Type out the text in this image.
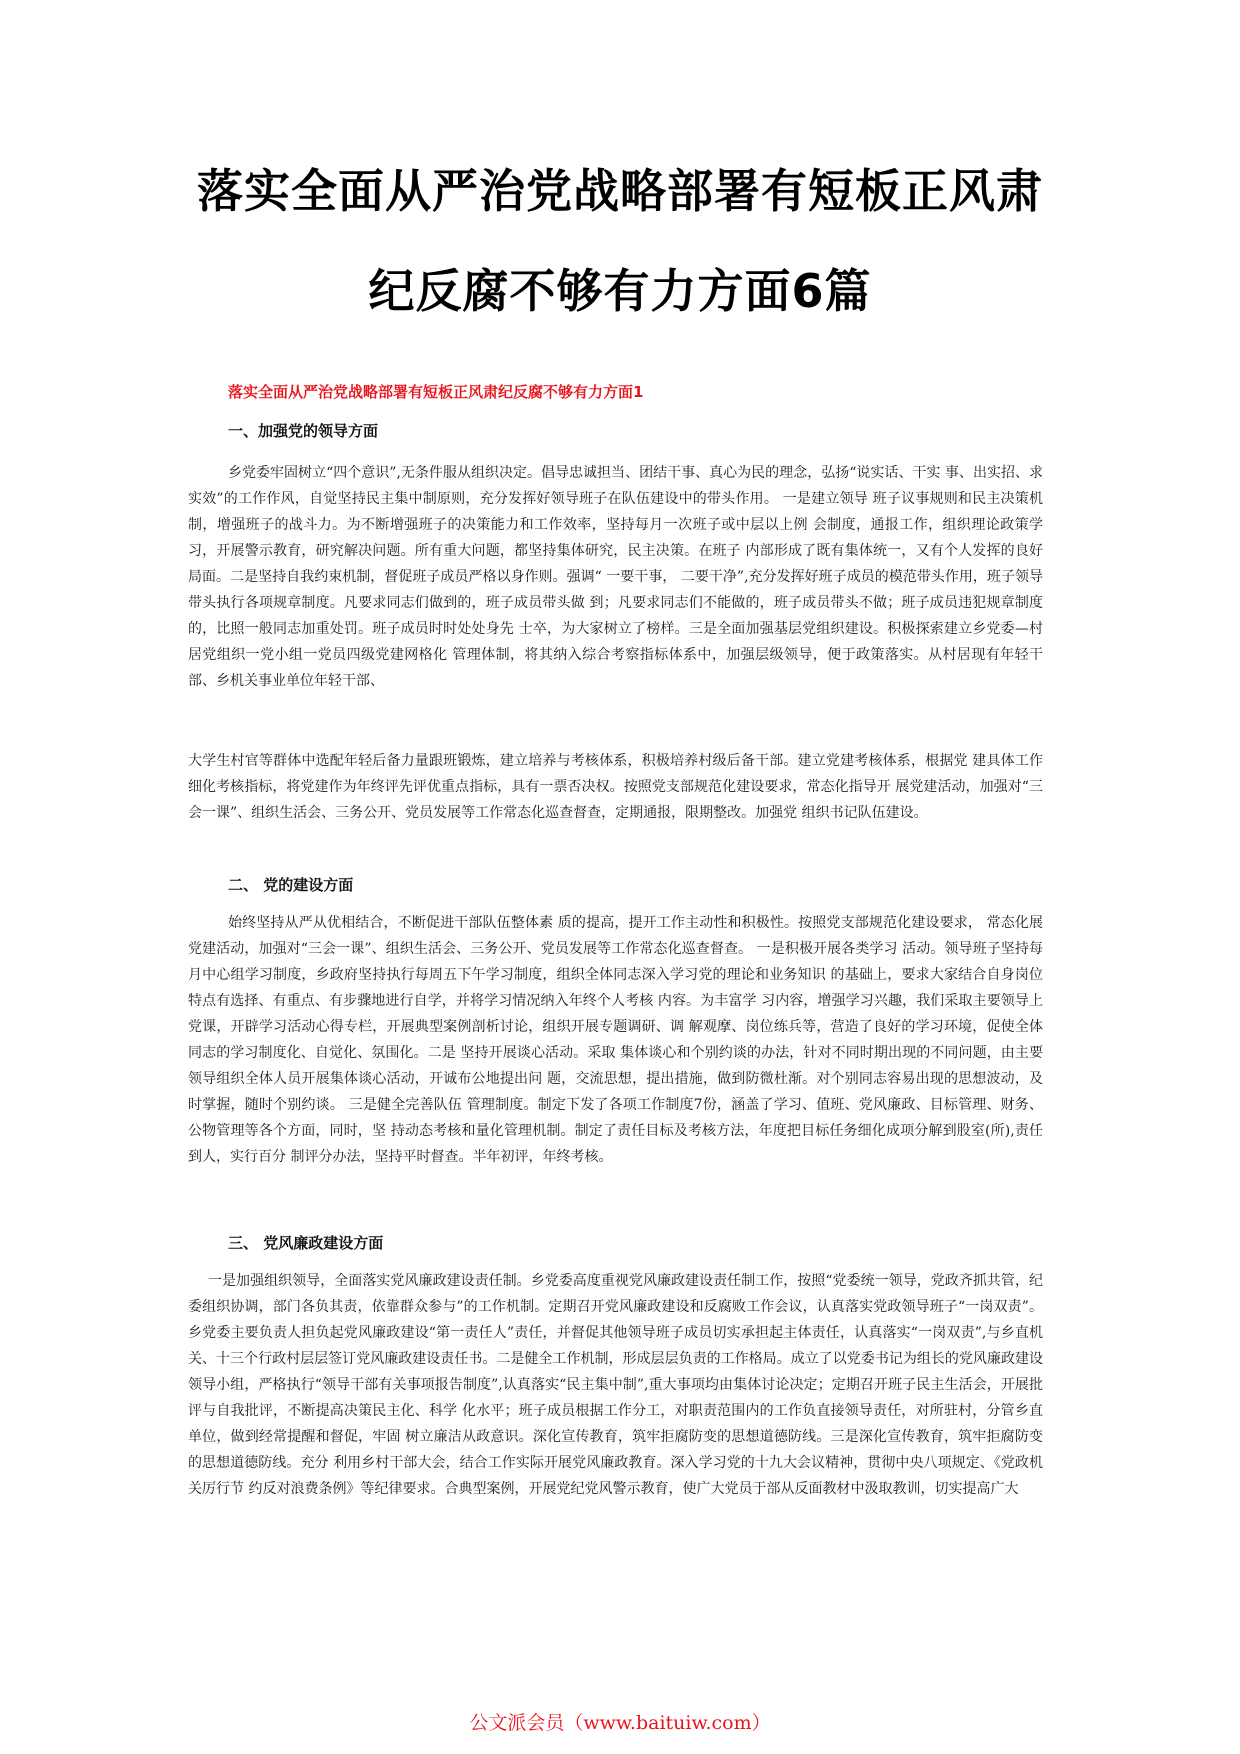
落实全面从严治党战略部署有短板正风肃
纪反腐不够有力方面6篇

落实全面从严治党战略部署有短板正风肃纪反腐不够有力方面1

一、加强党的领导方面

乡党委牢固树立“四个意识”,无条件服从组织决定。倡导忠诚担当、团结干事、真心为民的理念，弘扬“说实话、干实 事、出实招、求实效”的工作作风，自觉坚持民主集中制原则，充分发挥好领导班子在队伍建设中的带头作用。 一是建立领导 班子议事规则和民主决策机制，增强班子的战斗力。为不断增强班子的决策能力和工作效率，坚持每月一次班子或中层以上例 会制度，通报工作，组织理论政策学习，开展警示教育，研究解决问题。所有重大问题，都坚持集体研究，民主决策。在班子 内部形成了既有集体统一，又有个人发挥的良好局面。二是坚持自我约束机制，督促班子成员严格以身作则。强调“ 一要干事， 二要干净”,充分发挥好班子成员的模范带头作用，班子领导带头执行各项规章制度。凡要求同志们做到的，班子成员带头做 到；凡要求同志们不能做的，班子成员带头不做；班子成员违犯规章制度的，比照一般同志加重处罚。班子成员时时处处身先 士卒，为大家树立了榜样。三是全面加强基层党组织建设。积极探索建立乡党委—村居党组织一党小组一党员四级党建网格化 管理体制，将其纳入综合考察指标体系中，加强层级领导，便于政策落实。从村居现有年轻干部、乡机关事业单位年轻干部、

大学生村官等群体中选配年轻后备力量跟班锻炼，建立培养与考核体系，积极培养村级后备干部。建立党建考核体系，根据党 建具体工作细化考核指标，将党建作为年终评先评优重点指标，具有一票否决权。按照党支部规范化建设要求，常态化指导开 展党建活动，加强对“三会一课”、组织生活会、三务公开、党员发展等工作常态化巡查督查，定期通报，限期整改。加强党 组织书记队伍建设。

二、 党的建设方面

始终坚持从严从优相结合，不断促进干部队伍整体素 质的提高，提开工作主动性和积极性。按照党支部规范化建设要求， 常态化展党建活动，加强对“三会一课”、组织生活会、三务公开、党员发展等工作常态化巡查督查。 一是积极开展各类学习 活动。领导班子坚持每月中心组学习制度，乡政府坚持执行每周五下午学习制度，组织全体同志深入学习党的理论和业务知识 的基础上，要求大家结合自身岗位特点有选择、有重点、有步骤地进行自学，并将学习情况纳入年终个人考核 内容。为丰富学 习内容，增强学习兴趣，我们采取主要领导上党课，开辟学习活动心得专栏，开展典型案例剖析讨论，组织开展专题调研、调 解观摩、岗位练兵等，营造了良好的学习环境，促使全体同志的学习制度化、自觉化、氛围化。二是 坚持开展谈心活动。采取 集体谈心和个别约谈的办法，针对不同时期出现的不同问题，由主要领导组织全体人员开展集体谈心活动，开诚布公地提出问 题，交流思想，提出措施，做到防微杜渐。对个别同志容易出现的思想波动，及时掌握，随时个别约谈。 三是健全完善队伍 管理制度。制定下发了各项工作制度7份，涵盖了学习、值班、党风廉政、目标管理、财务、公物管理等各个方面，同时，坚 持动态考核和量化管理机制。制定了责任目标及考核方法，年度把目标任务细化成项分解到股室(所),责任到人，实行百分 制评分办法，坚持平时督查。半年初评，年终考核。

三、 党风廉政建设方面

一是加强组织领导，全面落实党风廉政建设责任制。乡党委高度重视党风廉政建设责任制工作，按照“党委统一领导，党政齐抓共管，纪委组织协调，部门各负其责，依靠群众参与”的工作机制。定期召开党风廉政建设和反腐败工作会议，认真落实党政领导班子“一岗双责”。乡党委主要负责人担负起党风廉政建设“第一责任人”责任，并督促其他领导班子成员切实承担起主体责任，认真落实“一岗双责”,与乡直机关、十三个行政村层层签订党风廉政建设责任书。二是健全工作机制，形成层层负责的工作格局。成立了以党委书记为组长的党风廉政建设领导小组，严格执行“领导干部有关事项报告制度”,认真落实“民主集中制”,重大事项均由集体讨论决定；定期召开班子民主生活会，开展批评与自我批评，不断提高决策民主化、科学 化水平；班子成员根据工作分工，对职责范围内的工作负直接领导责任，对所驻村，分管乡直单位，做到经常提醒和督促，牢固 树立廉洁从政意识。深化宣传教育，筑牢拒腐防变的思想道德防线。三是深化宣传教育，筑牢拒腐防变的思想道德防线。充分 利用乡村干部大会，结合工作实际开展党风廉政教育。深入学习党的十九大会议精神，贯彻中央八项规定、《党政机关厉行节 约反对浪费条例》等纪律要求。合典型案例，开展党纪党风警示教育，使广大党员于部从反面教材中汲取教训，切实提高广大

公文派会员（www.baituiw.com）
